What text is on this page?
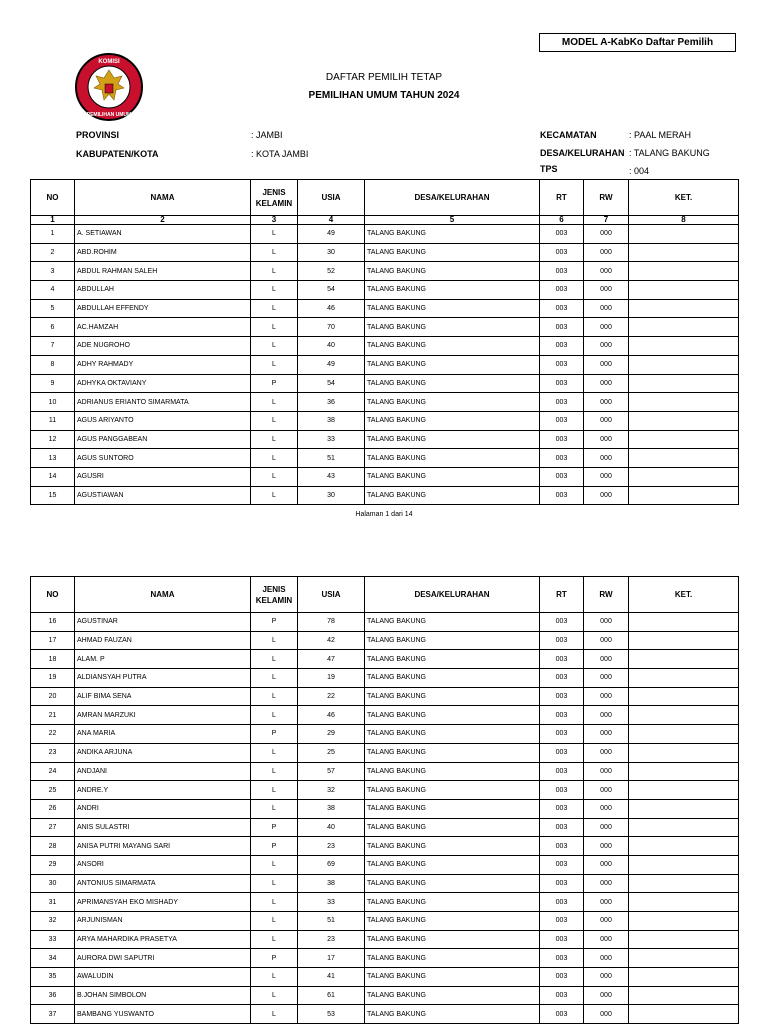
MODEL A-KabKo Daftar Pemilih
KOMISI
PEMILIHAN UMUM
DAFTAR PEMILIH TETAP
PEMILIHAN UMUM TAHUN 2024
PROVINSI	: JAMBI
KABUPATEN/KOTA	: KOTA JAMBI
KECAMATAN	: PAAL MERAH
DESA/KELURAHAN : TALANG BAKUNG
TPS	: 004
NO	NAMA	JENIS KELAMIN	USIA	DESA/KELURAHAN	RT	RW	KET.
1	2	3	4	5	6	7	8
1	A. SETIAWAN	L	49	TALANG BAKUNG	003	000	
2	ABD.ROHIM	L	30	TALANG BAKUNG	003	000	
3	ABDUL RAHMAN SALEH	L	52	TALANG BAKUNG	003	000	
4	ABDULLAH	L	54	TALANG BAKUNG	003	000	
5	ABDULLAH EFFENDY	L	46	TALANG BAKUNG	003	000	
6	AC.HAMZAH	L	70	TALANG BAKUNG	003	000	
7	ADE NUGROHO	L	40	TALANG BAKUNG	003	000	
8	ADHY RAHMADY	L	49	TALANG BAKUNG	003	000	
9	ADHYKA OKTAVIANY	P	54	TALANG BAKUNG	003	000	
10	ADRIANUS ERIANTO SIMARMATA	L	36	TALANG BAKUNG	003	000	
11	AGUS ARIYANTO	L	38	TALANG BAKUNG	003	000	
12	AGUS PANGGABEAN	L	33	TALANG BAKUNG	003	000	
13	AGUS SUNTORO	L	51	TALANG BAKUNG	003	000	
14	AGUSRI	L	43	TALANG BAKUNG	003	000	
15	AGUSTIAWAN	L	30	TALANG BAKUNG	003	000	
Halaman 1 dari 14
NO	NAMA	JENIS KELAMIN	USIA	DESA/KELURAHAN	RT	RW	KET.
16	AGUSTINAR	P	78	TALANG BAKUNG	003	000	
17	AHMAD FAUZAN	L	42	TALANG BAKUNG	003	000	
18	ALAM. P	L	47	TALANG BAKUNG	003	000	
19	ALDIANSYAH PUTRA	L	19	TALANG BAKUNG	003	000	
20	ALIF BIMA SENA	L	22	TALANG BAKUNG	003	000	
21	AMRAN MARZUKI	L	46	TALANG BAKUNG	003	000	
22	ANA MARIA	P	29	TALANG BAKUNG	003	000	
23	ANDIKA ARJUNA	L	25	TALANG BAKUNG	003	000	
24	ANDJANI	L	57	TALANG BAKUNG	003	000	
25	ANDRE.Y	L	32	TALANG BAKUNG	003	000	
26	ANDRI	L	38	TALANG BAKUNG	003	000	
27	ANIS SULASTRI	P	40	TALANG BAKUNG	003	000	
28	ANISA PUTRI MAYANG SARI	P	23	TALANG BAKUNG	003	000	
29	ANSORI	L	69	TALANG BAKUNG	003	000	
30	ANTONIUS SIMARMATA	L	38	TALANG BAKUNG	003	000	
31	APRIMANSYAH EKO MISHADY	L	33	TALANG BAKUNG	003	000	
32	ARJUNISMAN	L	51	TALANG BAKUNG	003	000	
33	ARYA MAHARDIKA PRASETYA	L	23	TALANG BAKUNG	003	000	
34	AURORA DWI SAPUTRI	P	17	TALANG BAKUNG	003	000	
35	AWALUDIN	L	41	TALANG BAKUNG	003	000	
36	B.JOHAN SIMBOLON	L	61	TALANG BAKUNG	003	000	
37	BAMBANG YUSWANTO	L	53	TALANG BAKUNG	003	000	
